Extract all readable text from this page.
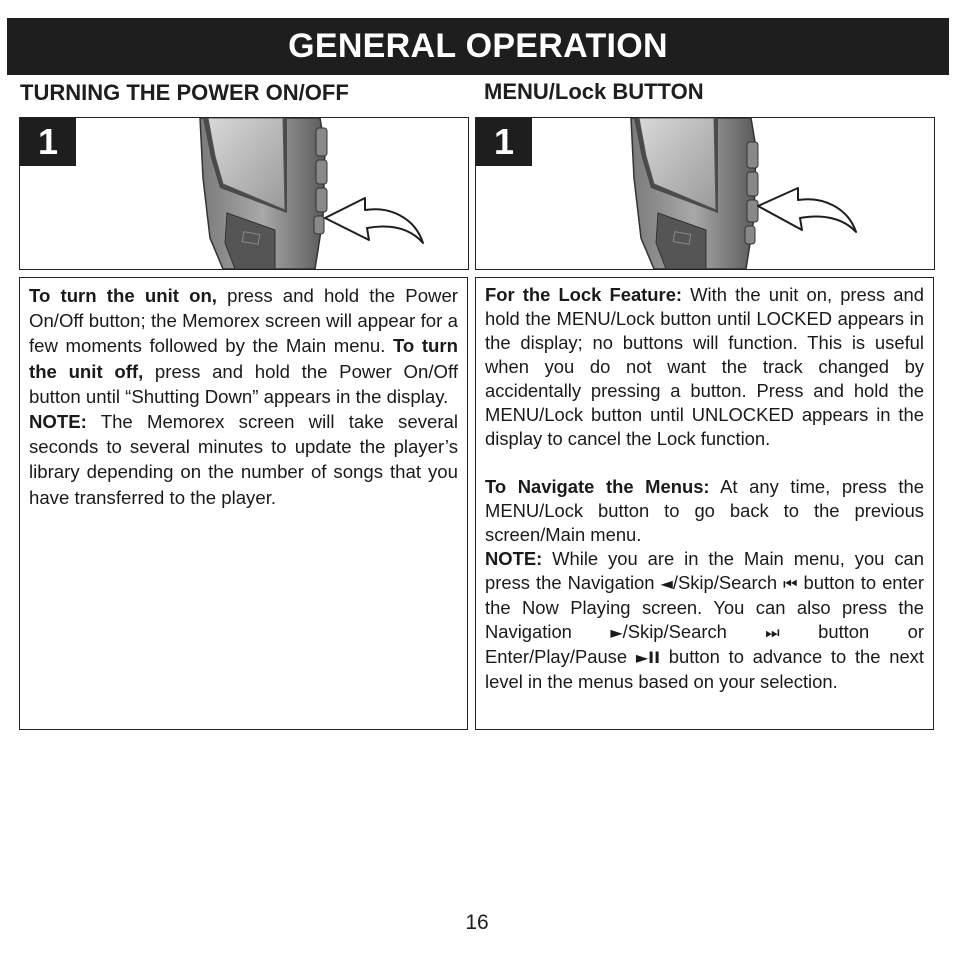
GENERAL OPERATION
TURNING THE POWER ON/OFF	MENU/Lock BUTTON
1	1

To turn the unit on, press and hold the Power On/Off button; the Memorex screen will appear for a few moments followed by the Main menu. To turn the unit off, press and hold the Power On/Off button until “Shutting Down” appears in the display.

NOTE: The Memorex screen will take several seconds to several minutes to update the player’s library depending on the number of songs that you have transferred to the player.

For the Lock Feature: With the unit on, press and hold the MENU/Lock button until LOCKED appears in the display; no buttons will function. This is useful when you do not want the track changed by accidentally pressing a button. Press and hold the MENU/Lock button until UNLOCKED appears in the display to cancel the Lock function.

To Navigate the Menus: At any time, press the MENU/Lock button to go back to the previous screen/Main menu.

NOTE: While you are in the Main menu, you can press the Navigation ◄/Skip/Search ⏮ button to enter the Now Playing screen. You can also press the Navigation ►/Skip/Search ⏭ button or Enter/Play/Pause ►II button to advance to the next level in the menus based on your selection.

16
